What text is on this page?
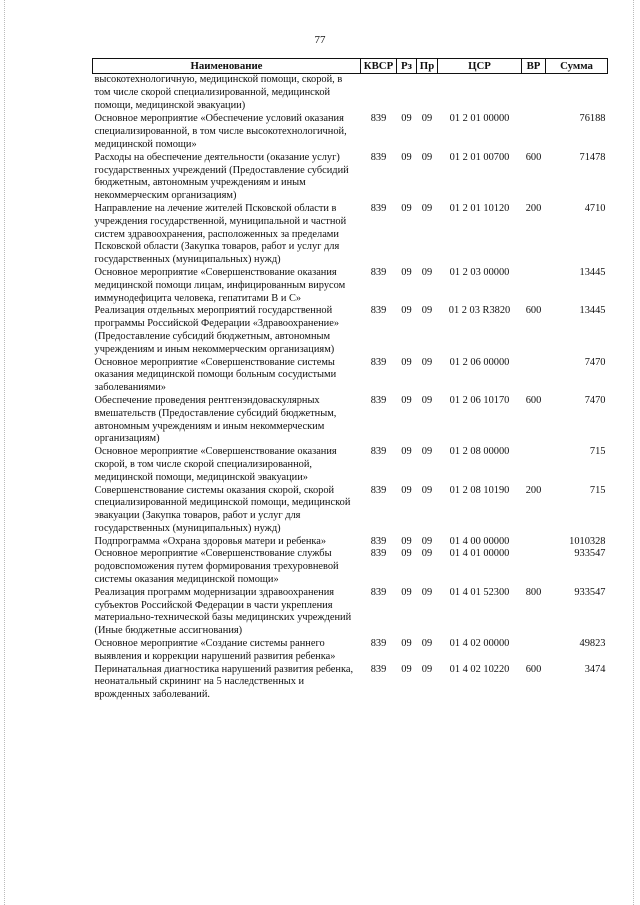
77
Наименование	КВСР	Рз	Пр	ЦСР	ВР	Сумма
высокотехнологичную, медицинской помощи, скорой, в том числе скорой специализированной, медицинской помощи, медицинской эвакуации)						
Основное мероприятие «Обеспечение условий оказания специализированной, в том числе высокотехнологичной, медицинской помощи»	839	09	09	01 2 01 00000		76188
Расходы на обеспечение деятельности (оказание услуг) государственных учреждений (Предоставление субсидий бюджетным, автономным учреждениям и иным некоммерческим организациям)	839	09	09	01 2 01 00700	600	71478
Направление на лечение жителей Псковской области в учреждения государственной, муниципальной и частной систем здравоохранения, расположенных за пределами Псковской области (Закупка товаров, работ и услуг для государственных (муниципальных) нужд)	839	09	09	01 2 01 10120	200	4710
Основное мероприятие «Совершенствование оказания медицинской помощи лицам, инфицированным вирусом иммунодефицита человека, гепатитами В и С»	839	09	09	01 2 03 00000		13445
Реализация отдельных мероприятий государственной программы Российской Федерации «Здравоохранение» (Предоставление субсидий бюджетным, автономным учреждениям и иным некоммерческим организациям)	839	09	09	01 2 03 R3820	600	13445
Основное мероприятие «Совершенствование системы оказания медицинской помощи больным сосудистыми заболеваниями»	839	09	09	01 2 06 00000		7470
Обеспечение проведения рентгенэндоваскулярных вмешательств (Предоставление субсидий бюджетным, автономным учреждениям и иным некоммерческим организациям)	839	09	09	01 2 06 10170	600	7470
Основное мероприятие «Совершенствование оказания скорой, в том числе скорой специализированной, медицинской помощи, медицинской эвакуации»	839	09	09	01 2 08 00000		715
Совершенствование системы оказания скорой, скорой специализированной медицинской помощи, медицинской эвакуации (Закупка товаров, работ и услуг для государственных (муниципальных) нужд)	839	09	09	01 2 08 10190	200	715
Подпрограмма «Охрана здоровья матери и ребенка»	839	09	09	01 4 00 00000		1010328
Основное мероприятие «Совершенствование службы родовспоможения путем формирования трехуровневой системы оказания медицинской помощи»	839	09	09	01 4 01 00000		933547
Реализация программ модернизации здравоохранения субъектов Российской Федерации в части укрепления материально-технической базы медицинских учреждений (Иные бюджетные ассигнования)	839	09	09	01 4 01 52300	800	933547
Основное мероприятие «Создание системы раннего выявления и коррекции нарушений развития ребенка»	839	09	09	01 4 02 00000		49823
Перинатальная диагностика нарушений развития ребенка, неонатальный скрининг на 5 наследственных и врожденных заболеваний.	839	09	09	01 4 02 10220	600	3474
